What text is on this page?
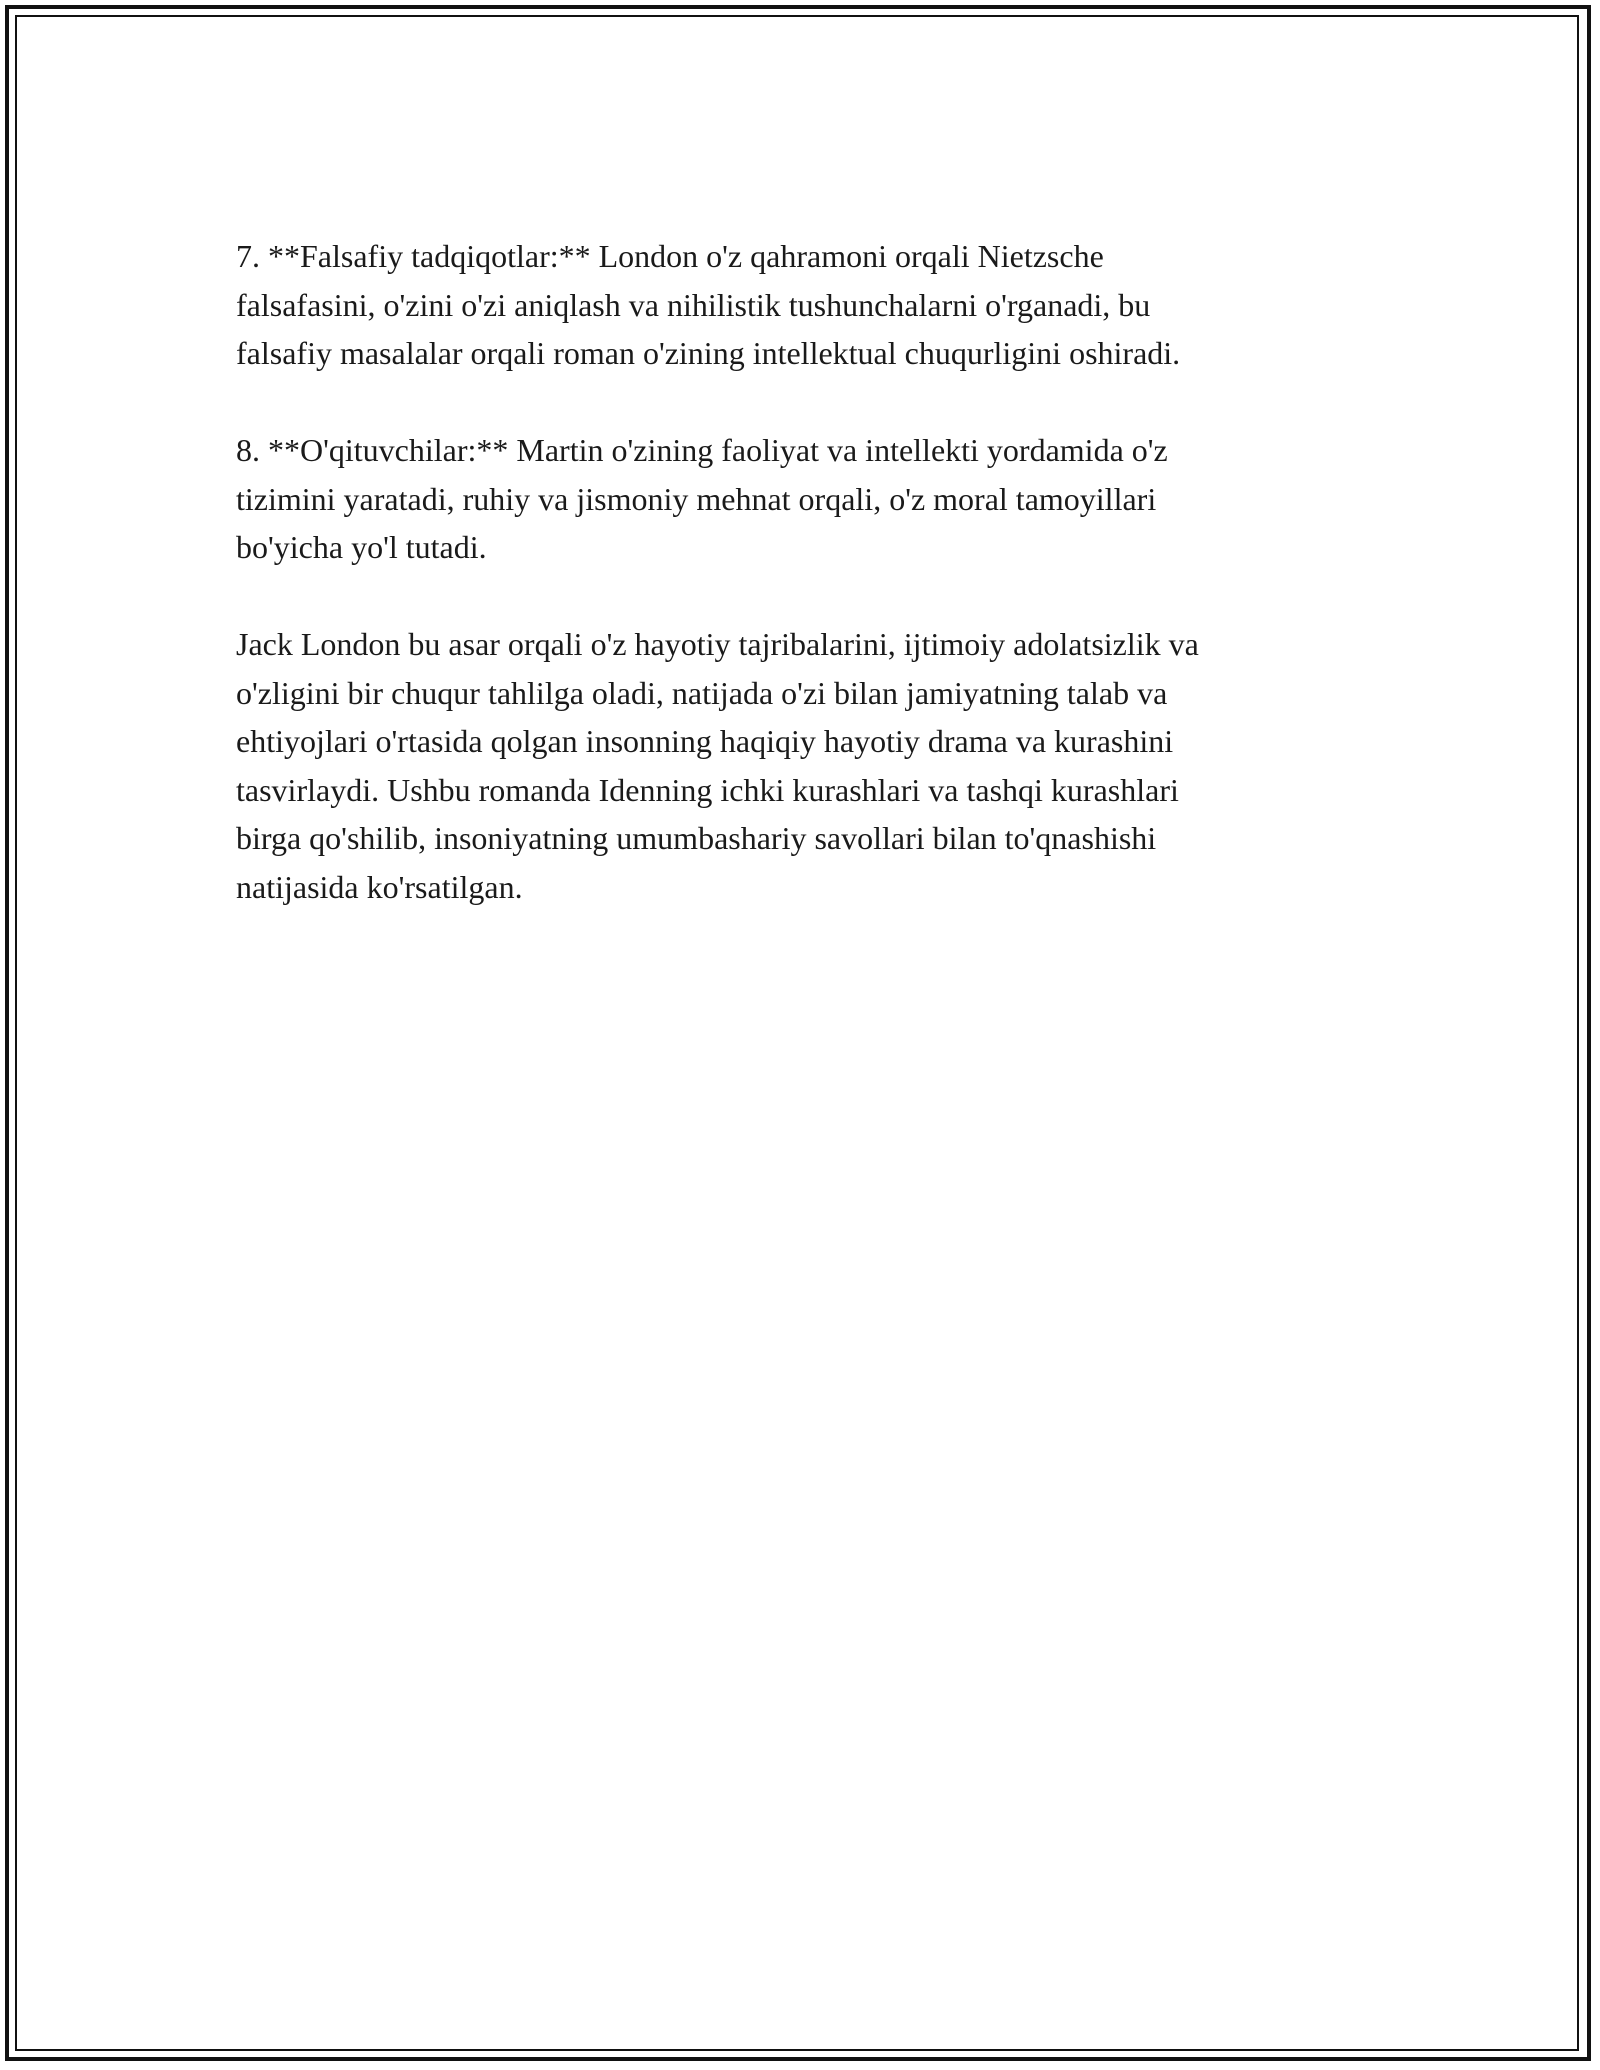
7. **Falsafiy tadqiqotlar:** London o'z qahramoni orqali Nietzsche
falsafasini, o'zini o'zi aniqlash va nihilistik tushunchalarni o'rganadi, bu
falsafiy masalalar orqali roman o'zining intellektual chuqurligini oshiradi.

8. **O'qituvchilar:** Martin o'zining faoliyat va intellekti yordamida o'z
tizimini yaratadi, ruhiy va jismoniy mehnat orqali, o'z moral tamoyillari
bo'yicha yo'l tutadi.

Jack London bu asar orqali o'z hayotiy tajribalarini, ijtimoiy adolatsizlik va
o'zligini bir chuqur tahlilga oladi, natijada o'zi bilan jamiyatning talab va
ehtiyojlari o'rtasida qolgan insonning haqiqiy hayotiy drama va kurashini
tasvirlaydi. Ushbu romanda Idenning ichki kurashlari va tashqi kurashlari
birga qo'shilib, insoniyatning umumbashariy savollari bilan to'qnashishi
natijasida ko'rsatilgan.
